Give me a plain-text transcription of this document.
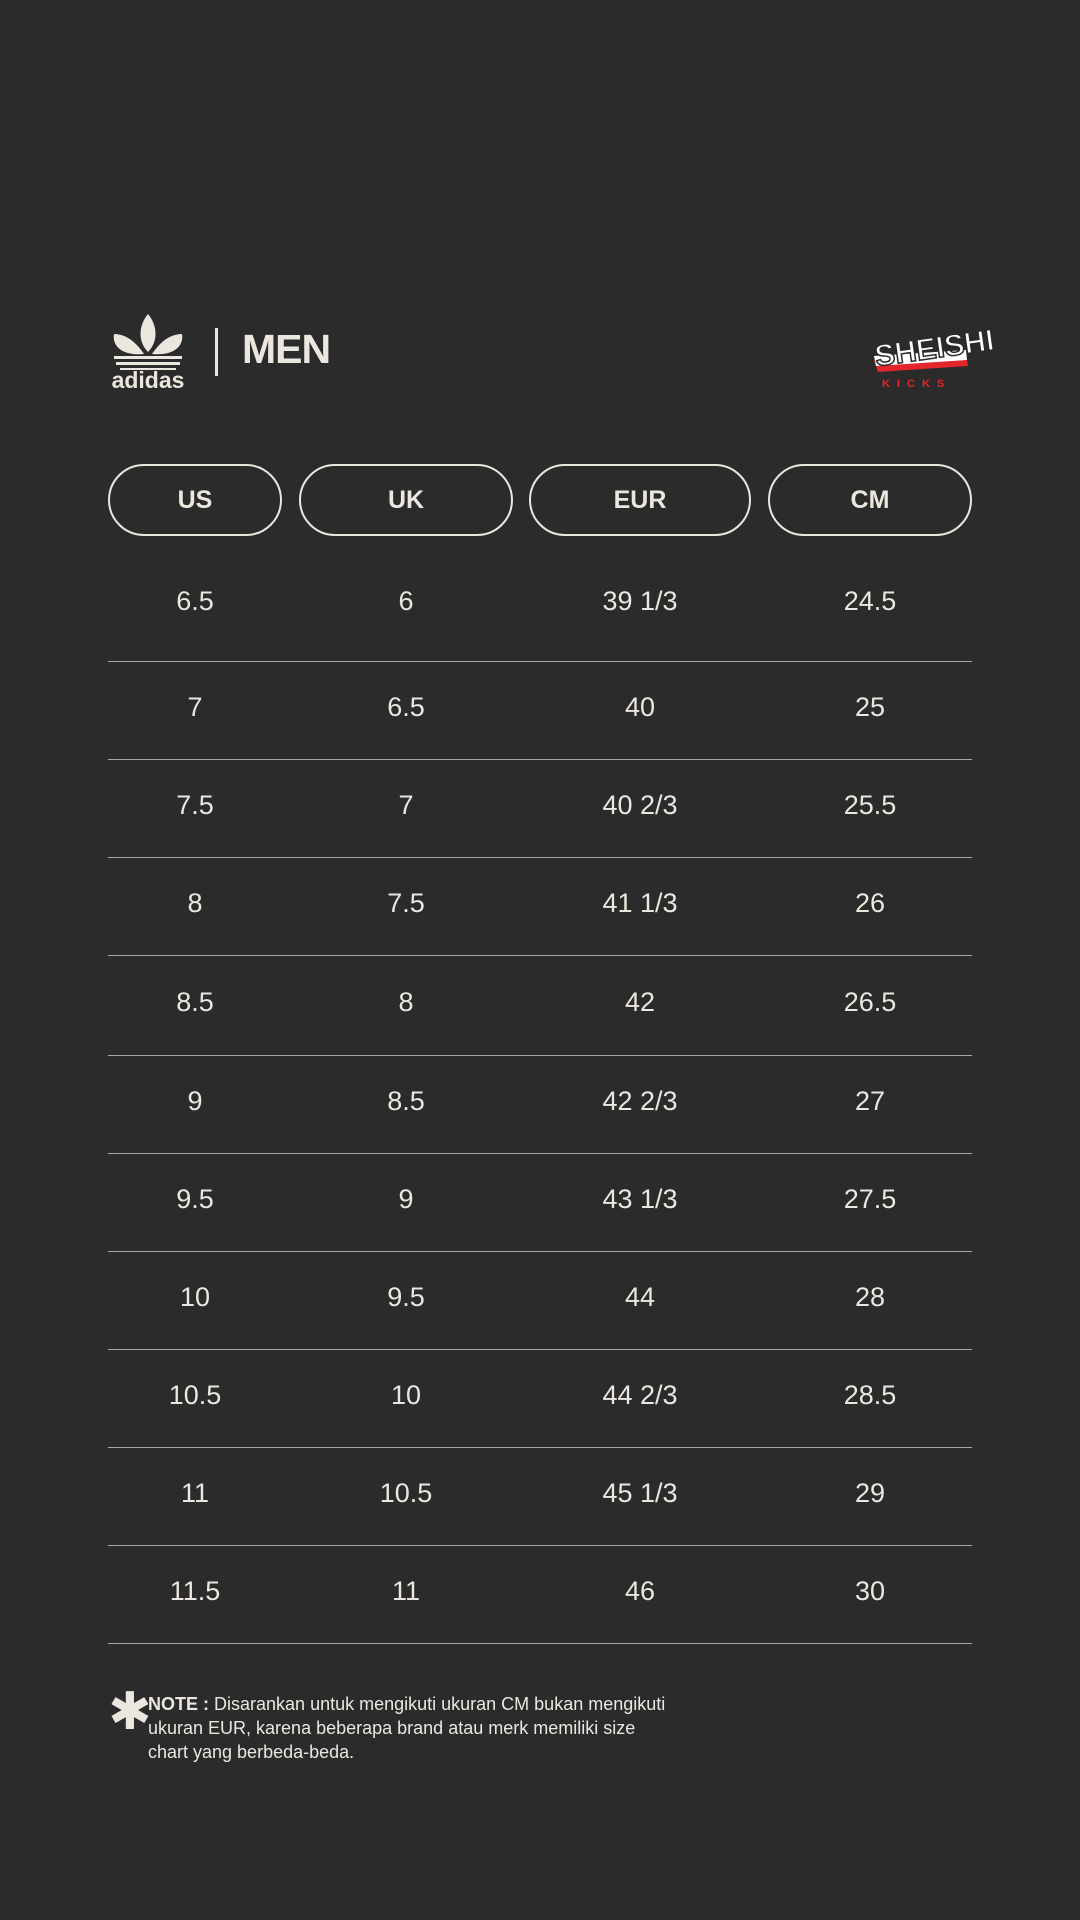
adidas
MEN	SHEISHI
KICKS
US	UK	EUR	CM
6.5	6	39 1/3	24.5
7	6.5	40	25
7.5	7	40 2/3	25.5
8	7.5	41 1/3	26
8.5	8	42	26.5
9	8.5	42 2/3	27
9.5	9	43 1/3	27.5
10	9.5	44	28
10.5	10	44 2/3	28.5
11	10.5	45 1/3	29
11.5	11	46	30
✱
NOTE : Disarankan untuk mengikuti ukuran CM bukan mengikuti ukuran EUR, karena beberapa brand atau merk memiliki size chart yang berbeda-beda.
